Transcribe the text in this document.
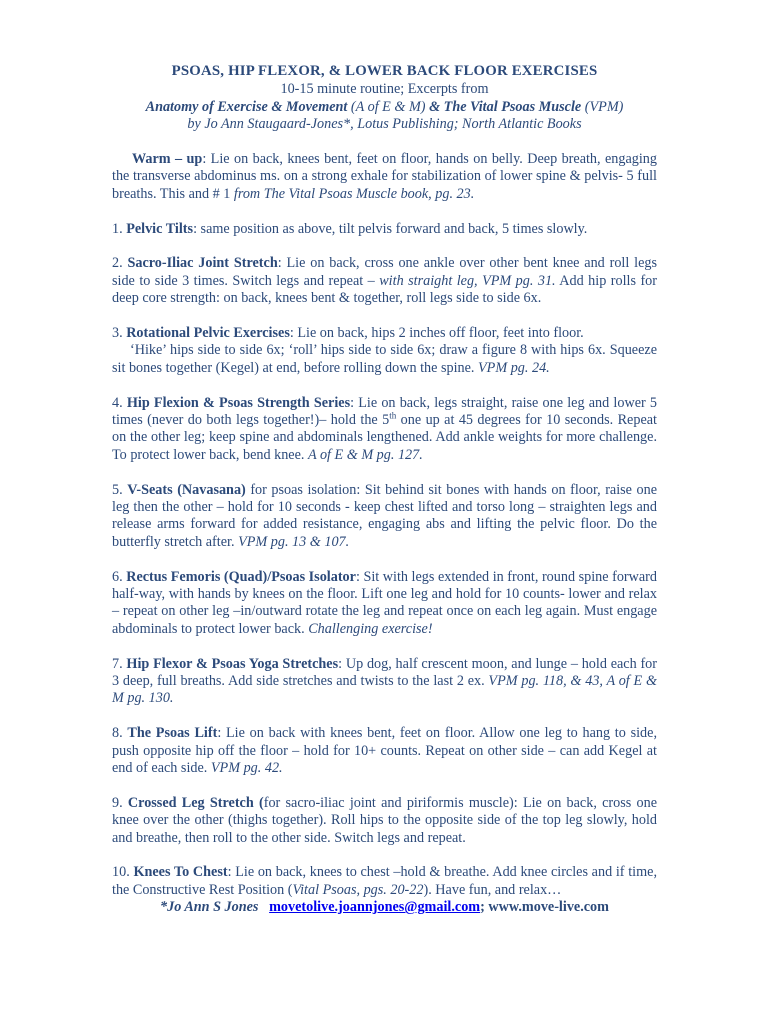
PSOAS, HIP FLEXOR, & LOWER BACK FLOOR EXERCISES

10-15 minute routine; Excerpts from

Anatomy of Exercise & Movement (A of E & M) & The Vital Psoas Muscle (VPM)

by Jo Ann Staugaard-Jones*, Lotus Publishing; North Atlantic Books

Warm – up: Lie on back, knees bent, feet on floor, hands on belly. Deep breath, engaging the transverse abdominus ms. on a strong exhale for stabilization of lower spine & pelvis- 5 full breaths. This and # 1 from The Vital Psoas Muscle book, pg. 23.

1. Pelvic Tilts: same position as above, tilt pelvis forward and back, 5 times slowly.

2. Sacro-Iliac Joint Stretch: Lie on back, cross one ankle over other bent knee and roll legs side to side 3 times. Switch legs and repeat – with straight leg, VPM pg. 31. Add hip rolls for deep core strength: on back, knees bent & together, roll legs side to side 6x.

3. Rotational Pelvic Exercises: Lie on back, hips 2 inches off floor, feet into floor.
‘Hike’ hips side to side 6x; ‘roll’ hips side to side 6x; draw a figure 8 with hips 6x. Squeeze sit bones together (Kegel) at end, before rolling down the spine. VPM pg. 24.

4. Hip Flexion & Psoas Strength Series: Lie on back, legs straight, raise one leg and lower 5 times (never do both legs together!)– hold the 5th one up at 45 degrees for 10 seconds. Repeat on the other leg; keep spine and abdominals lengthened. Add ankle weights for more challenge. To protect lower back, bend knee. A of E & M pg. 127.

5. V-Seats (Navasana) for psoas isolation: Sit behind sit bones with hands on floor, raise one leg then the other – hold for 10 seconds - keep chest lifted and torso long – straighten legs and release arms forward for added resistance, engaging abs and lifting the pelvic floor. Do the butterfly stretch after. VPM pg. 13 & 107.

6. Rectus Femoris (Quad)/Psoas Isolator: Sit with legs extended in front, round spine forward half-way, with hands by knees on the floor. Lift one leg and hold for 10 counts- lower and relax – repeat on other leg –in/outward rotate the leg and repeat once on each leg again. Must engage abdominals to protect lower back. Challenging exercise!

7. Hip Flexor & Psoas Yoga Stretches: Up dog, half crescent moon, and lunge – hold each for 3 deep, full breaths. Add side stretches and twists to the last 2 ex. VPM pg. 118, & 43, A of E & M pg. 130.

8. The Psoas Lift: Lie on back with knees bent, feet on floor. Allow one leg to hang to side, push opposite hip off the floor – hold for 10+ counts. Repeat on other side – can add Kegel at end of each side. VPM pg. 42.

9. Crossed Leg Stretch (for sacro-iliac joint and piriformis muscle): Lie on back, cross one knee over the other (thighs together). Roll hips to the opposite side of the top leg slowly, hold and breathe, then roll to the other side. Switch legs and repeat.

10. Knees To Chest: Lie on back, knees to chest –hold & breathe. Add knee circles and if time, the Constructive Rest Position (Vital Psoas, pgs. 20-22). Have fun, and relax…

*Jo Ann S Jones movetolive.joannjones@gmail.com; www.move-live.com
